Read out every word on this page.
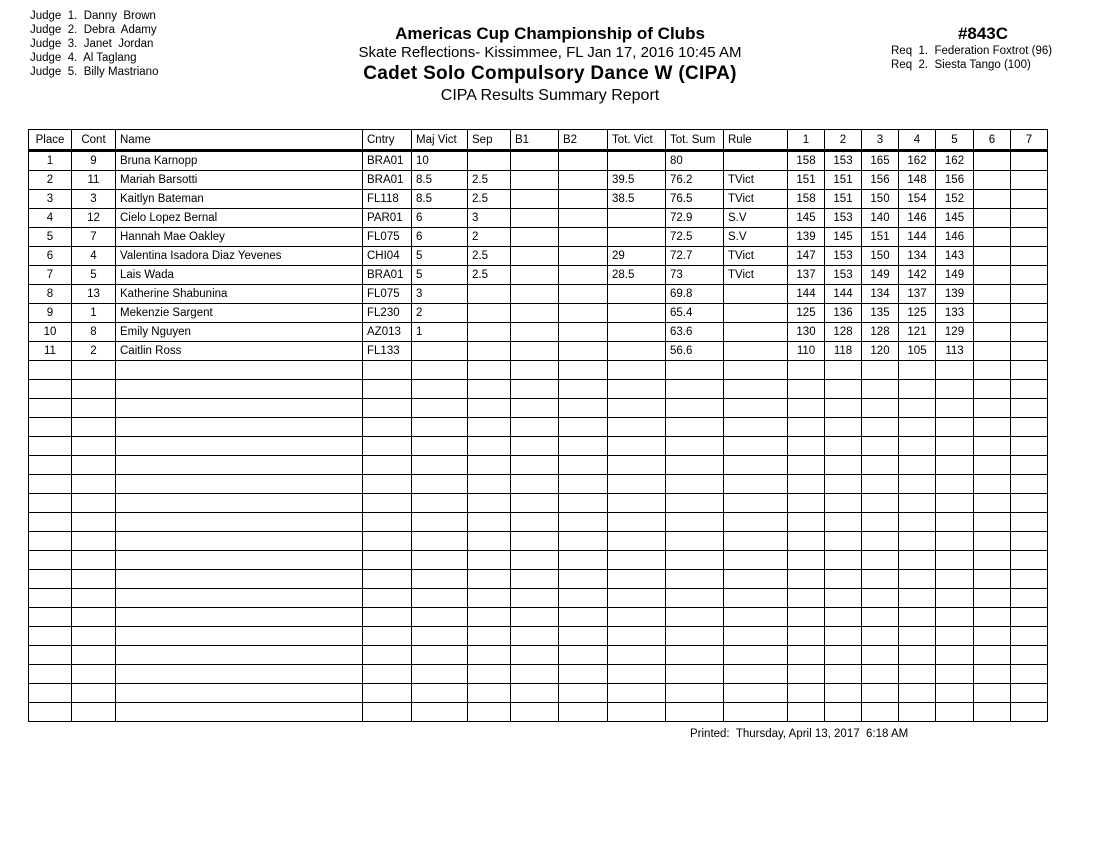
Judge  1.  Danny  Brown
Judge  2.  Debra  Adamy
Judge  3.  Janet  Jordan
Judge  4.  Al Taglang
Judge  5.  Billy Mastriano
Americas Cup Championship of Clubs
Skate Reflections- Kissimmee, FL Jan 17, 2016 10:45 AM
Cadet Solo Compulsory Dance W (CIPA)
CIPA Results Summary Report
#843C
Req  1.  Federation Foxtrot (96)
Req  2.  Siesta Tango (100)
Place	Cont	Name	Cntry	Maj Vict	Sep	B1	B2	Tot. Vict	Tot. Sum	Rule	1	2	3	4	5	6	7
1	9	Bruna Karnopp	BRA01	10					80		158	153	165	162	162		
2	11	Mariah Barsotti	BRA01	8.5	2.5			39.5	76.2	TVict	151	151	156	148	156		
3	3	Kaitlyn Bateman	FL118	8.5	2.5			38.5	76.5	TVict	158	151	150	154	152		
4	12	Cielo Lopez Bernal	PAR01	6	3				72.9	S.V	145	153	140	146	145		
5	7	Hannah Mae Oakley	FL075	6	2				72.5	S.V	139	145	151	144	146		
6	4	Valentina Isadora Diaz Yevenes	CHI04	5	2.5			29	72.7	TVict	147	153	150	134	143		
7	5	Lais Wada	BRA01	5	2.5			28.5	73	TVict	137	153	149	142	149		
8	13	Katherine Shabunina	FL075	3					69.8		144	144	134	137	139		
9	1	Mekenzie Sargent	FL230	2					65.4		125	136	135	125	133		
10	8	Emily Nguyen	AZ013	1					63.6		130	128	128	121	129		
11	2	Caitlin Ross	FL133						56.6		110	118	120	105	113		

Printed:  Thursday, April 13, 2017  6:18 AM
